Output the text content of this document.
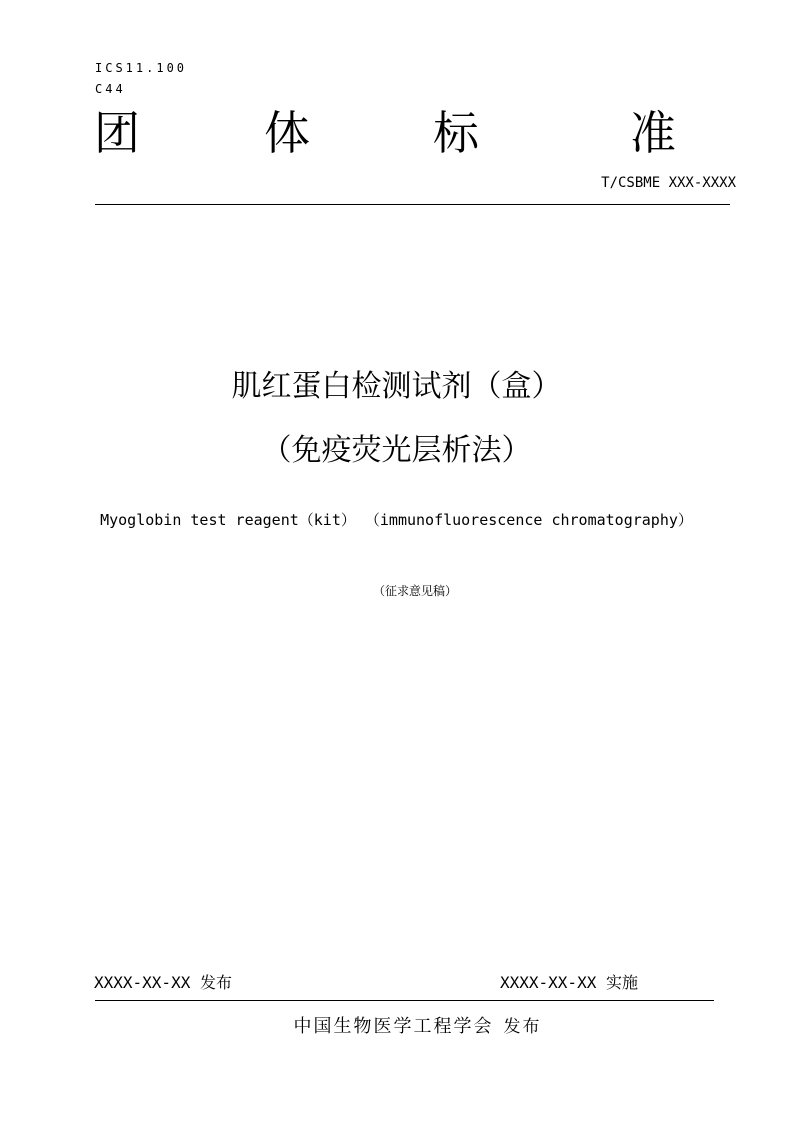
ICS11.100
C44
团	体	标	准
T/CSBME XXX-XXXX
肌红蛋白检测试剂（盒）
（免疫荧光层析法）
Myoglobin test reagent（kit） （immunofluorescence chromatography）
（征求意见稿）
XXXX-XX-XX 发布	XXXX-XX-XX 实施
中国生物医学工程学会 发布
